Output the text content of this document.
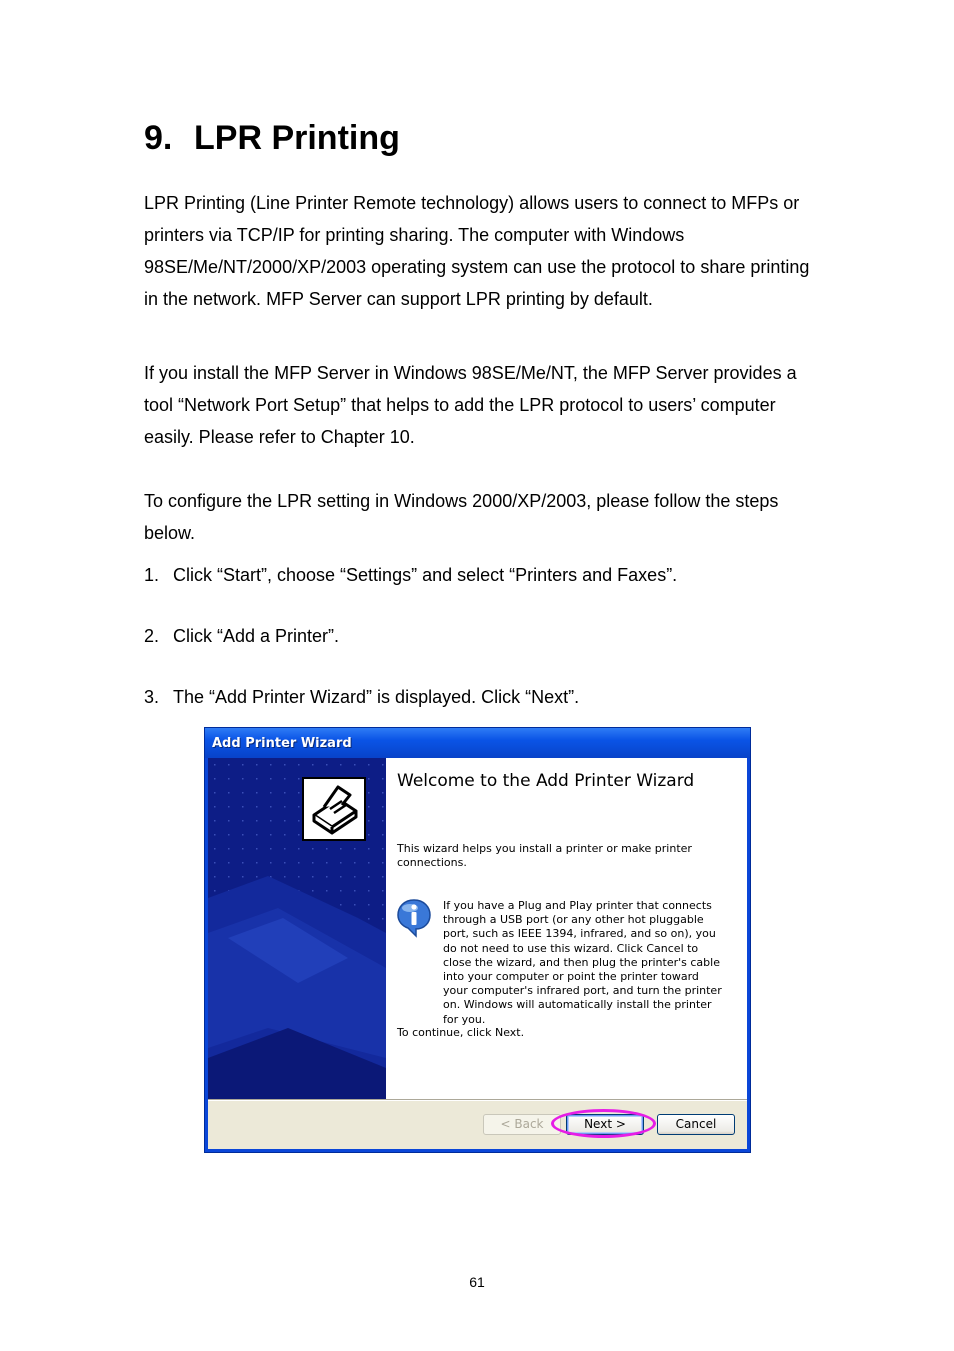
9. LPR Printing

LPR Printing (Line Printer Remote technology) allows users to connect to MFPs or printers via TCP/IP for printing sharing. The computer with Windows 98SE/Me/NT/2000/XP/2003 operating system can use the protocol to share printing in the network. MFP Server can support LPR printing by default.

If you install the MFP Server in Windows 98SE/Me/NT, the MFP Server provides a tool “Network Port Setup” that helps to add the LPR protocol to users’ computer easily. Please refer to Chapter 10.

To configure the LPR setting in Windows 2000/XP/2003, please follow the steps below.

1. Click “Start”, choose “Settings” and select “Printers and Faxes”.
2. Click “Add a Printer”.
3. The “Add Printer Wizard” is displayed. Click “Next”.
Add Printer Wizard
Welcome to the Add Printer Wizard
This wizard helps you install a printer or make printer connections.
If you have a Plug and Play printer that connects through a USB port (or any other hot pluggable port, such as IEEE 1394, infrared, and so on), you do not need to use this wizard. Click Cancel to close the wizard, and then plug the printer's cable into your computer or point the printer toward your computer's infrared port, and turn the printer on. Windows will automatically install the printer for you.
To continue, click Next.
< Back	Next >	Cancel
61
